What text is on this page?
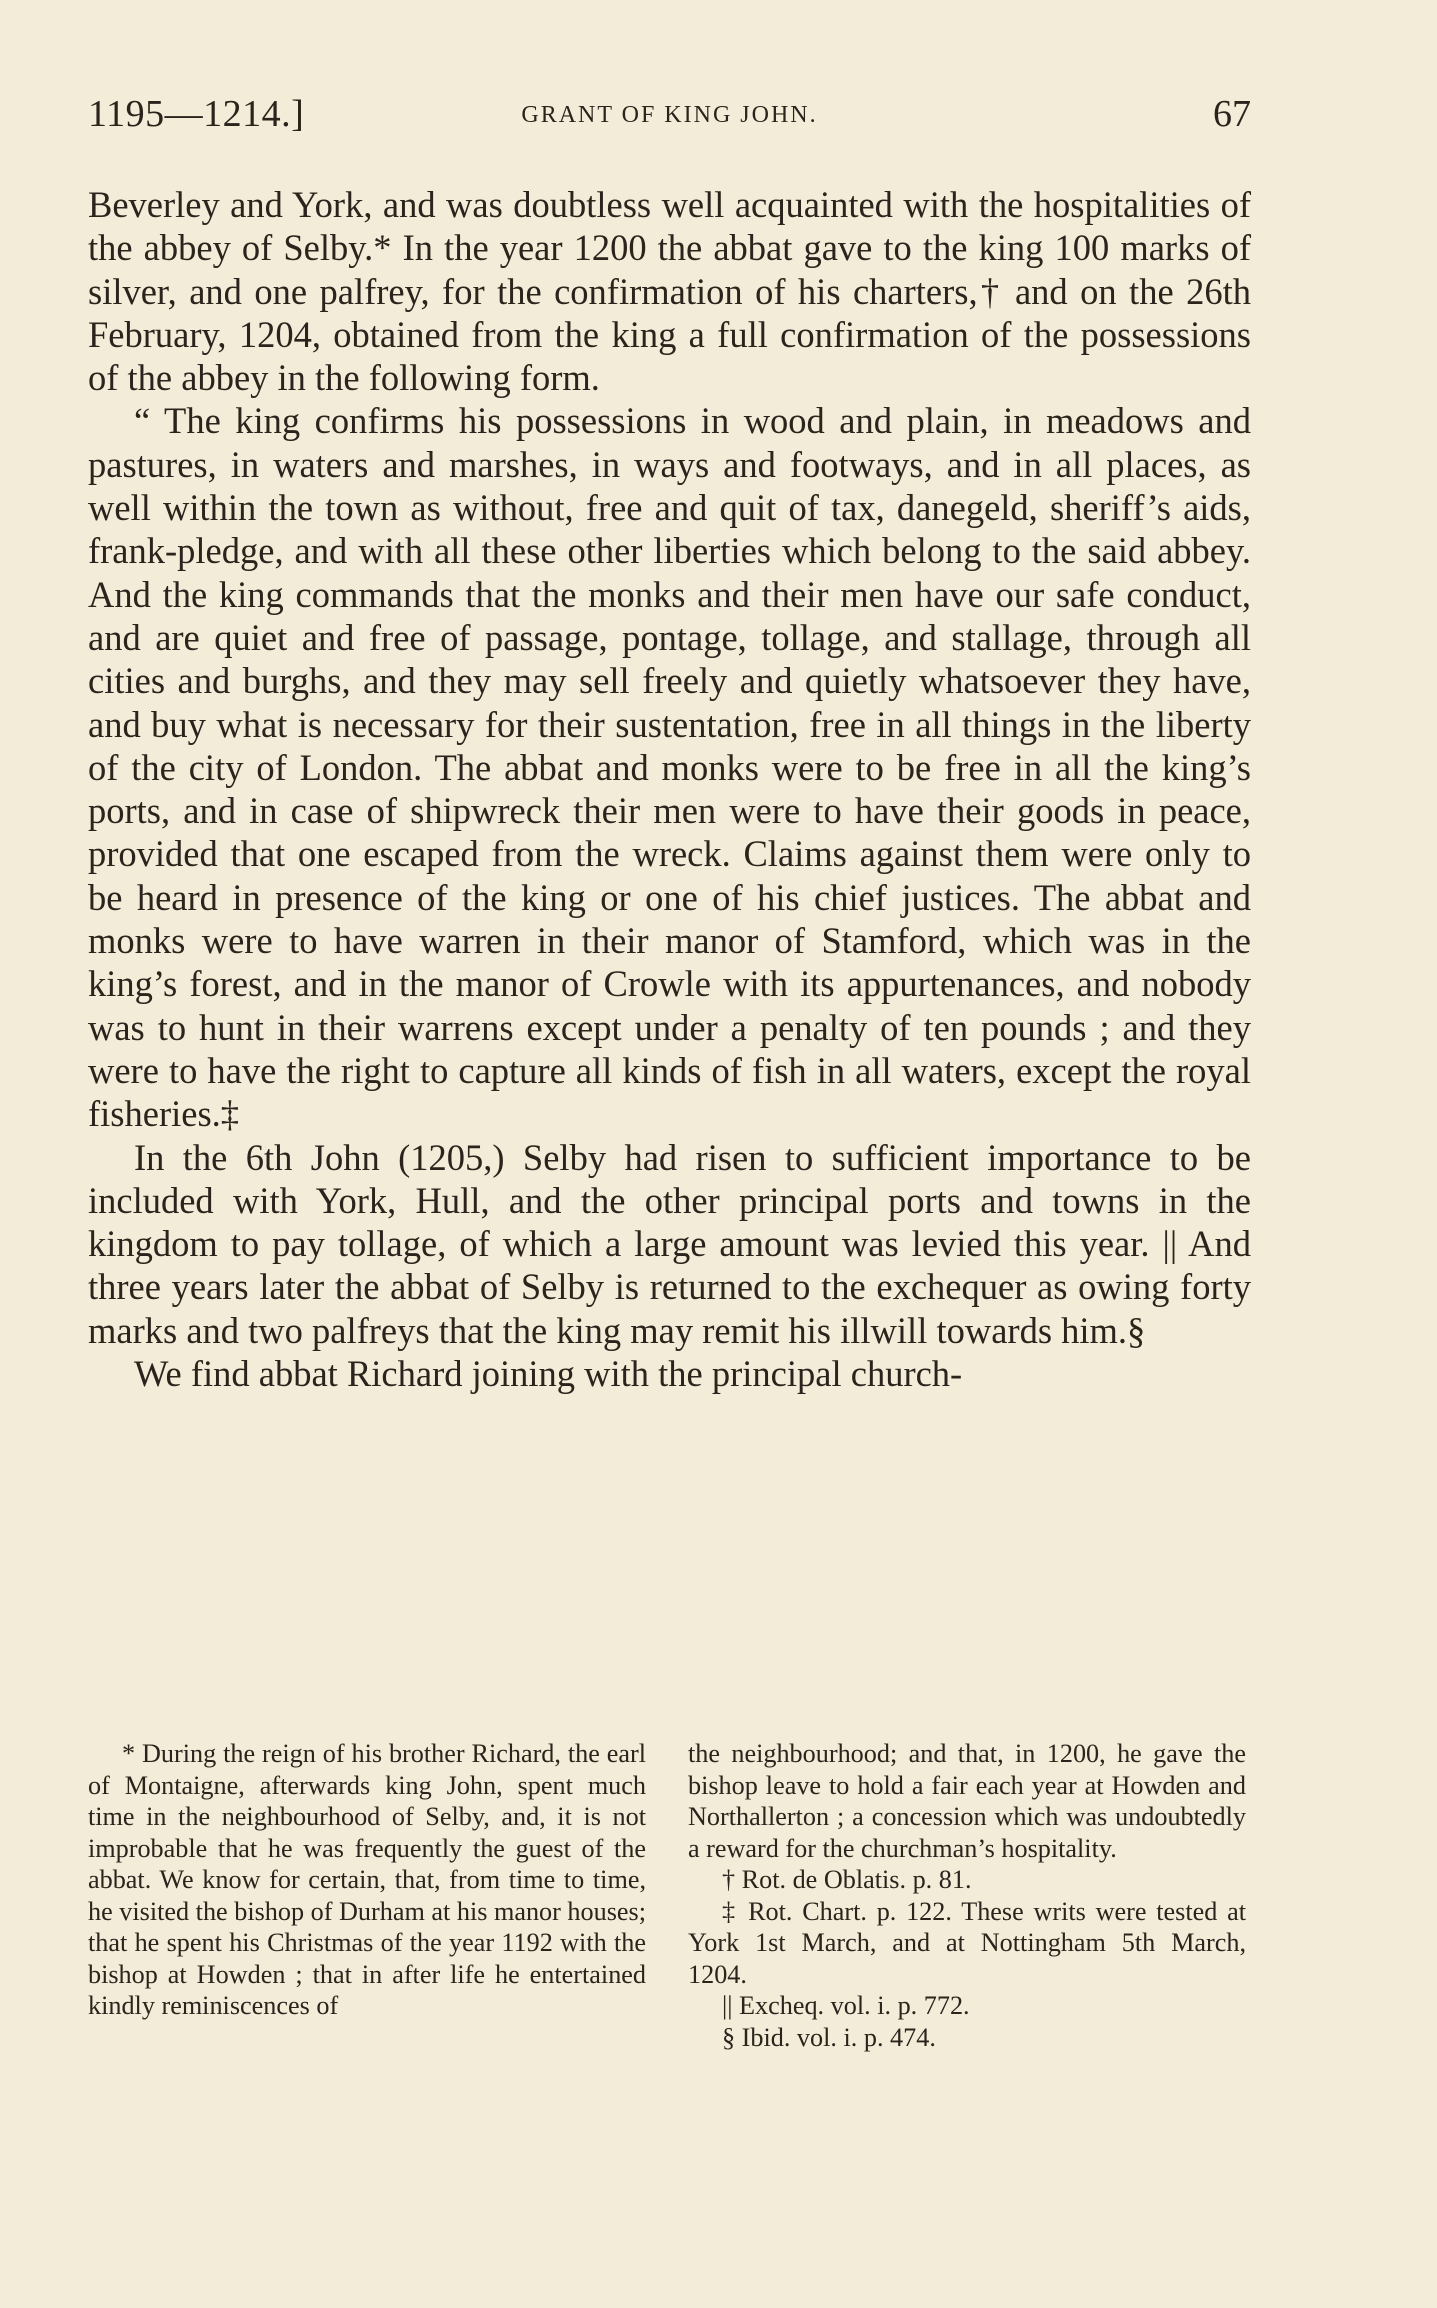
1195—1214.]	GRANT OF KING JOHN.	67

Beverley and York, and was doubtless well acquainted with the hospitalities of the abbey of Selby.* In the year 1200 the abbat gave to the king 100 marks of silver, and one palfrey, for the confirmation of his charters,† and on the 26th February, 1204, obtained from the king a full confirmation of the possessions of the abbey in the following form.

“ The king confirms his possessions in wood and plain, in meadows and pastures, in waters and marshes, in ways and footways, and in all places, as well within the town as without, free and quit of tax, danegeld, sheriff’s aids, frank-pledge, and with all these other liberties which belong to the said abbey. And the king commands that the monks and their men have our safe conduct, and are quiet and free of passage, pontage, tollage, and stallage, through all cities and burghs, and they may sell freely and quietly whatsoever they have, and buy what is necessary for their sustentation, free in all things in the liberty of the city of London. The abbat and monks were to be free in all the king’s ports, and in case of shipwreck their men were to have their goods in peace, provided that one escaped from the wreck. Claims against them were only to be heard in presence of the king or one of his chief justices. The abbat and monks were to have warren in their manor of Stamford, which was in the king’s forest, and in the manor of Crowle with its appurtenances, and nobody was to hunt in their warrens except under a penalty of ten pounds ; and they were to have the right to capture all kinds of fish in all waters, except the royal fisheries.‡

In the 6th John (1205,) Selby had risen to sufficient importance to be included with York, Hull, and the other principal ports and towns in the kingdom to pay tollage, of which a large amount was levied this year. || And three years later the abbat of Selby is returned to the exchequer as owing forty marks and two palfreys that the king may remit his illwill towards him.§

We find abbat Richard joining with the principal church-

* During the reign of his brother Richard, the earl of Montaigne, afterwards king John, spent much time in the neighbourhood of Selby, and, it is not improbable that he was frequently the guest of the abbat. We know for certain, that, from time to time, he visited the bishop of Durham at his manor houses; that he spent his Christmas of the year 1192 with the bishop at Howden ; that in after life he entertained kindly reminiscences of

the neighbourhood; and that, in 1200, he gave the bishop leave to hold a fair each year at Howden and Northallerton ; a concession which was undoubtedly a reward for the churchman’s hospitality.

† Rot. de Oblatis. p. 81.

‡ Rot. Chart. p. 122. These writs were tested at York 1st March, and at Nottingham 5th March, 1204.

|| Excheq. vol. i. p. 772.

§ Ibid. vol. i. p. 474.
